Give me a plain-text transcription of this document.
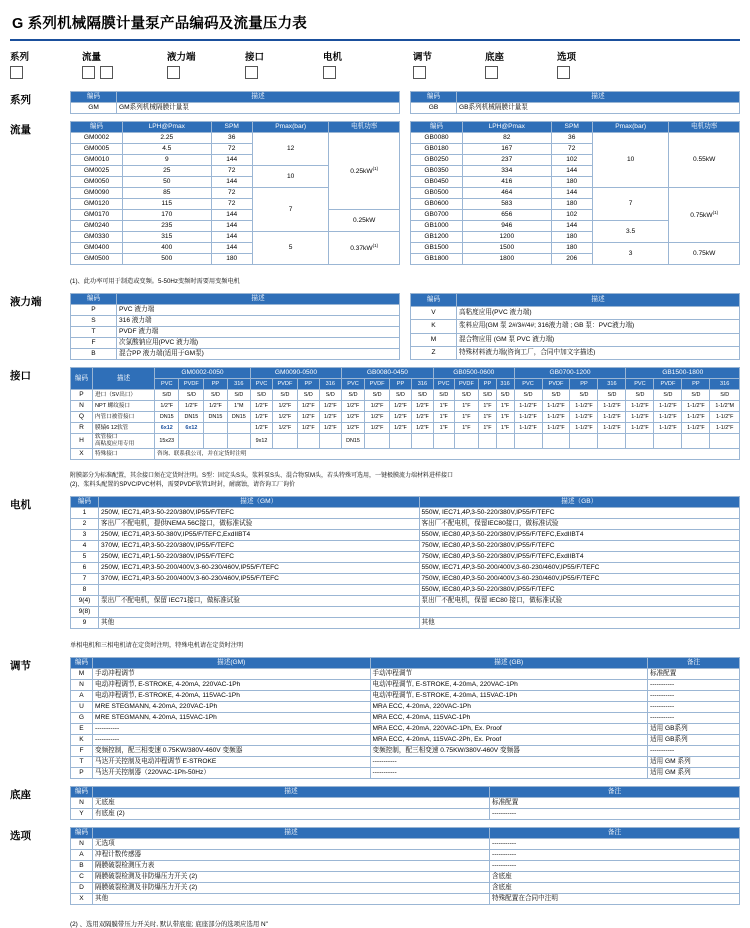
G 系列机械隔膜计量泵产品编码及流量压力表
系列	流量
	液力端	接口	电机	调节	底座	选项
系列	编码	描述
GM	GM系列机械隔膜计量泵
编码	描述
GB	GB系列机械隔膜计量泵
流量	编码	LPH@Pmax	SPM	Pmax(bar)	电机功率
GM0002	2.25	36	12	$0.25kW^{(1)}$
GM0005	4.5	72		
GM0010	9	144		
GM0025	25	72	10	
GM0050	50	144		
GM0090	85	72	7	
GM0120	115	72		
GM0170	170	144		0.25kW
GM0240	235	144		
GM0330	315	144	5	$0.37kW^{(1)}$
GM0400	400	144		
GM0500	500	180		
编码	LPH@Pmax	SPM	Pmax(bar)	电机功率
GB0080	82	36	10	0.55kW
GB0180	167	72		
GB0250	237	102		
GB0350	334	144		
GB0450	416	180		
GB0500	464	144	7	$0.75kW^{(1)}$
GB0600	583	180		
GB0700	656	102		
GB1000	946	144	3.5	
GB1200	1200	180		
GB1500	1500	180	3	0.75kW
GB1800	1800	206		
(1)、此功率可用于制造或变频。5-50Hz变频时需要用变频电机
液力端	编码	描述
P	PVC 液力端
S	316 液力端
T	PVDF 液力端
F	次氯酸钠应用(PVC 液力端)
B	混合PP 液力端(适用于GM泵)
编码	描述
V	高粘度应用(PVC 液力端)
K	浆料应用(GM 泵 2#/3#/4#; 316液力端 ; GB 泵：PVC液力端)
M	混合物应用 (GM 泵 PVC 液力端)
Z	特殊材料液力端(咨询工厂，合同中加文字描述)
接口	编码	描述	GM0002-0050				GM0090-0500				GB0080-0450				GB0500-0600				GB0700-1200				GB1500-1800			
		PVC	PVDF	PP	316	PVC	PVDF	PP	316	PVC	PVDF	PP	316	PVC	PVDF	PP	316	PVC	PVDF	PP	316	PVC	PVDF	PP	316
P	进口（SV出口）	S/D	S/D	S/D	S/D	S/D	S/D	S/D	S/D	S/D	S/D	S/D	S/D	S/D	S/D	S/D	S/D	S/D	S/D	S/D	S/D	S/D	S/D	S/D	S/D
N	NPT 螺纹接口	1/2"F	1/2"F	1/2"F	1"M	1/2"F	1/2"F	1/2"F	1/2"F	1/2"F	1/2"F	1/2"F	1/2"F	1"F	1"F	1"F	1"F	1-1/2"F	1-1/2"F	1-1/2"F	1-1/2"F	1-1/2"F	1-1/2"F	1-1/2"F	1-1/2"M
Q	内管口被管接口	DN15	DN15	DN15	DN15	1/2"F	1/2"F	1/2"F	1/2"F	1/2"F	1/2"F	1/2"F	1/2"F	1"F	1"F	1"F	1"F	1-1/2"F	1-1/2"F	1-1/2"F	1-1/2"F	1-1/2"F	1-1/2"F	1-1/2"F	1-1/2"F
R	膜辕6 12软管	6x12	6x12			1/2"F	1/2"F	1/2"F	1/2"F	1/2"F	1/2"F	1/2"F	1/2"F	1"F	1"F	1"F	1"F	1-1/2"F	1-1/2"F	1-1/2"F	1-1/2"F	1-1/2"F	1-1/2"F	1-1/2"F	1-1/2"F
H	软管接口
高粘度应用专用	15x23				9x12				DN15															
X	特殊接口	咨询、联系我公司，并在定货时注明																							
附膜部分为标准配置，其余接口须在定货时注明。S型：固定头S头，浆料泵S头、混合物泵M头，若头特殊可选用，一键极膜流力端材料进样接口
(2)、浆料头配置的SPVC/PVC材料，需要PVDF软管1时封，耐腐蚀，请咨询工厂询价
电机	编码	描述（GM）	描述（GB）
1	250W, IEC71,4P,3-50-220/380V,IP55/F/TEFC	550W, IEC71,4P,3-50-220/380V,IP55/F/TEFC
2	客出厂不配电机，提供NEMA 56C接口，做标准试验	客出厂不配电机，保留IEC80接口，做标准试验
3	250W, IEC71,4P,3-50-380V,IP55/F/TEFC,ExdIIBT4	550W, IEC80,4P,3-50-220/380V,IP55/F/TEFC,ExdIIBT4
4	370W, IEC71,4P,3-50-220/380V,IP55/F/TEFC	750W, IEC80,4P,3-50-220/380V,IP55/F/TEFC
5	250W, IEC71,4P,1-50-220/380V,IP55/F/TEFC	750W, IEC80,4P,3-50-220/380V,IP55/F/TEFC,ExdIIBT4
6	250W, IEC71,4P,3-50-200/400V,3-60-230/460V,IP55/F/TEFC	550W, IEC71,4P,3-50-200/400V,3-60-230/460V,IP55/F/TEFC
7	370W, IEC71,4P,3-50-200/400V,3-60-230/460V,IP55/F/TEFC	750W, IEC80,4P,3-50-200/400V,3-60-230/460V,IP55/F/TEFC
8		550W, IEC80,4P,3-50-220/380V,IP55/F/TEFC
9(4)	泵出厂不配电机，保留 IEC71接口，做标准试验	泵出厂不配电机，保留 IEC80 接口，做标准试验
9(8)		
9	其他	其他
单相电机和三相电机请在定货时注明，特殊电机请在定货时注明
调节	编码	描述(GM)	描述 (GB)	备注
M	手动冲程调节	手动冲程调节	标准配置
N	电动冲程调节, E-STROKE, 4-20mA, 220VAC-1Ph	电动冲程调节, E-STROKE, 4-20mA, 220VAC-1Ph	-----------
A	电动冲程调节, E-STROKE, 4-20mA, 115VAC-1Ph	电动冲程调节, E-STROKE, 4-20mA, 115VAC-1Ph	-----------
U	MRE STEGMANN, 4-20mA, 220VAC-1Ph	MRA ECC, 4-20mA, 220VAC-1Ph	-----------
G	MRE STEGMANN, 4-20mA, 115VAC-1Ph	MRA ECC, 4-20mA, 115VAC-1Ph	-----------
E	-----------	MRA ECC, 4-20mA, 220VAC-1Ph, Ex. Proof	适用 GB系列
K	-----------	MRA ECC, 4-20mA, 115VAC-2Ph, Ex. Proof	适用 GB系列
F	变频控制，配三相变速 0.75KW/380V-460V 变频器	变频控制，配三相变速 0.75KW/380V-460V 变频器	-----------
T	马达开关控制及电动冲程调节 E-STROKE	-----------	适用 GM 系列
P	马达开关控制器（220VAC-1Ph-50Hz）	-----------	适用 GM 系列
底座	编码	描述	备注
N	无底座	标准配置
Y	有底座 (2)	-----------
选项	编码	描述	备注
N	无选项	-----------
A	冲程计数传感器	-----------
B	隔膜破裂检测压力表	-----------
C	隔膜破裂检测及非防爆压力开关 (2)	含底座
D	隔膜破裂检测及非防爆压力开关 (2)	含底座
X	其他	特殊配置在合同中注明
(2) 、选用双隔膜带压力开关时, 默认带底座; 底座部分的选项应选用 N"
